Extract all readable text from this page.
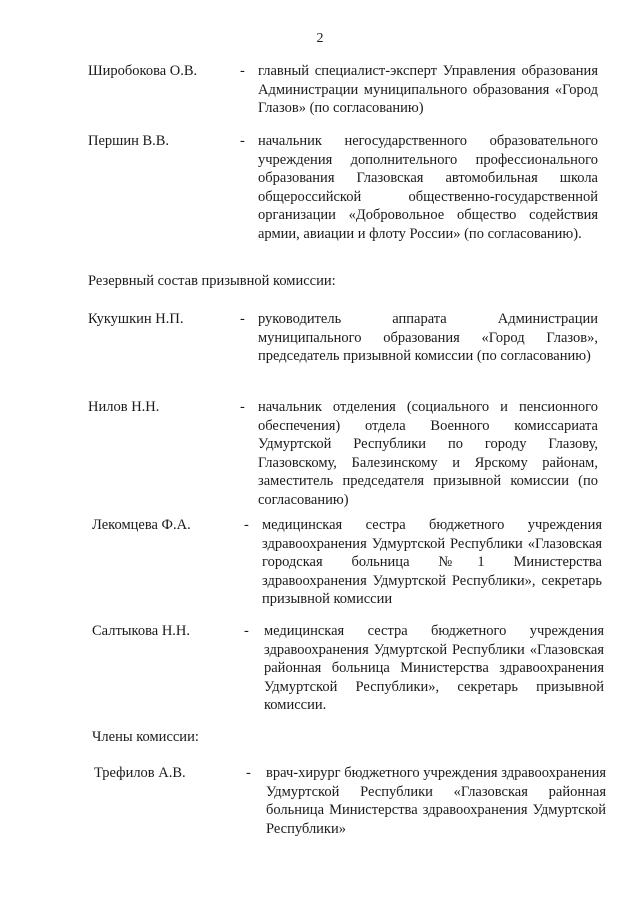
2
Широбокова О.В.	- главный специалист-эксперт Управления образования Администрации муниципального образования «Город Глазов» (по согласованию)
Першин В.В.	- начальник негосударственного образовательного учреждения дополнительного профессионального образования Глазовская автомобильная школа общероссийской общественно-государственной организации «Добровольное общество содействия армии, авиации и флоту России» (по согласованию).
Резервный состав призывной комиссии:
Кукушкин Н.П.	- руководитель аппарата Администрации муниципального образования «Город Глазов», председатель призывной комиссии (по согласованию)
Нилов Н.Н.	- начальник отделения (социального и пенсионного обеспечения) отдела Военного комиссариата Удмуртской Республики по городу Глазову, Глазовскому, Балезинскому и Ярскому районам, заместитель председателя призывной комиссии (по согласованию)
Лекомцева Ф.А.	- медицинская сестра бюджетного учреждения здравоохранения Удмуртской Республики «Глазовская городская больница №1 Министерства здравоохранения Удмуртской Республики», секретарь призывной комиссии
Салтыкова Н.Н.	- медицинская сестра бюджетного учреждения здравоохранения Удмуртской Республики «Глазовская районная больница Министерства здравоохранения Удмуртской Республики», секретарь призывной комиссии.
Члены комиссии:
Трефилов А.В.	- врач-хирург бюджетного учреждения здравоохранения Удмуртской Республики «Глазовская районная больница Министерства здравоохранения Удмуртской Республики»
